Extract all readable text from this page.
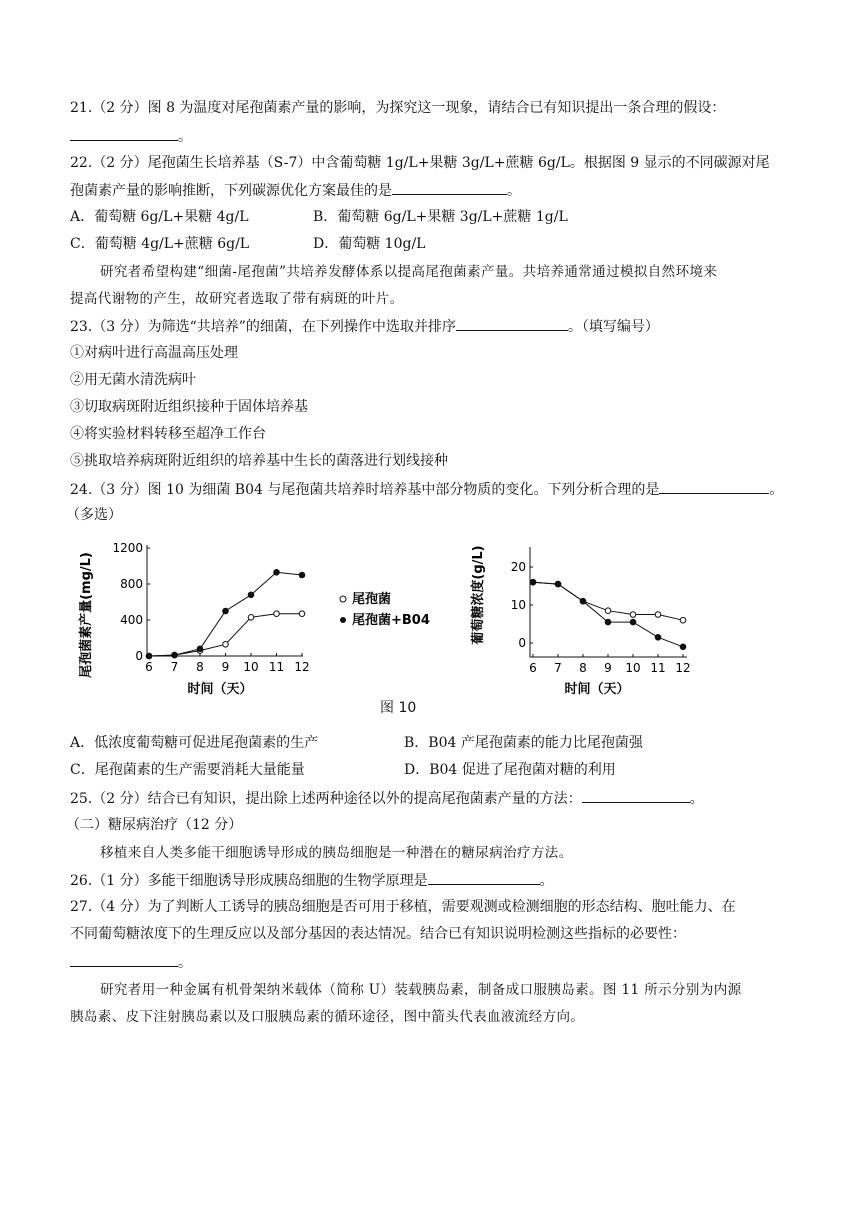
21.（2 分）图 8 为温度对尾孢菌素产量的影响，为探究这一现象，请结合已有知识提出一条合理的假设：
。
22.（2 分）尾孢菌生长培养基（S-7）中含葡萄糖 1g/L+果糖 3g/L+蔗糖 6g/L。根据图 9 显示的不同碳源对尾
孢菌素产量的影响推断，下列碳源优化方案最佳的是	。
A．葡萄糖 6g/L+果糖 4g/L	B．葡萄糖 6g/L+果糖 3g/L+蔗糖 1g/L
C．葡萄糖 4g/L+蔗糖 6g/L	D．葡萄糖 10g/L
研究者希望构建“细菌-尾孢菌”共培养发酵体系以提高尾孢菌素产量。共培养通常通过模拟自然环境来
提高代谢物的产生，故研究者选取了带有病斑的叶片。
23.（3 分）为筛选“共培养”的细菌，在下列操作中选取并排序	。（填写编号）
①对病叶进行高温高压处理
②用无菌水清洗病叶
③切取病斑附近组织接种于固体培养基
④将实验材料转移至超净工作台
⑤挑取培养病斑附近组织的培养基中生长的菌落进行划线接种
24.（3 分）图 10 为细菌 B04 与尾孢菌共培养时培养基中部分物质的变化。下列分析合理的是	。
（多选）
尾孢菌素产量(mg/L)	6 7 8 9 10 11 12
0
400
800
1200
时间（天）
尾孢菌
尾孢菌+B04	葡萄糖浓度(g/L)
6 7 8 9 10 11 12
0
10
20
时间（天）
图 10
A．低浓度葡萄糖可促进尾孢菌素的生产	B．B04 产尾孢菌素的能力比尾孢菌强
C．尾孢菌素的生产需要消耗大量能量	D．B04 促进了尾孢菌对糖的利用
25.（2 分）结合已有知识，提出除上述两种途径以外的提高尾孢菌素产量的方法：	。
（二）糖尿病治疗（12 分）
移植来自人类多能干细胞诱导形成的胰岛细胞是一种潜在的糖尿病治疗方法。
26.（1 分）多能干细胞诱导形成胰岛细胞的生物学原理是	。
27.（4 分）为了判断人工诱导的胰岛细胞是否可用于移植，需要观测或检测细胞的形态结构、胞吐能力、在
不同葡萄糖浓度下的生理反应以及部分基因的表达情况。结合已有知识说明检测这些指标的必要性：
。
研究者用一种金属有机骨架纳米载体（简称 U）装载胰岛素，制备成口服胰岛素。图 11 所示分别为内源
胰岛素、皮下注射胰岛素以及口服胰岛素的循环途径，图中箭头代表血液流经方向。
